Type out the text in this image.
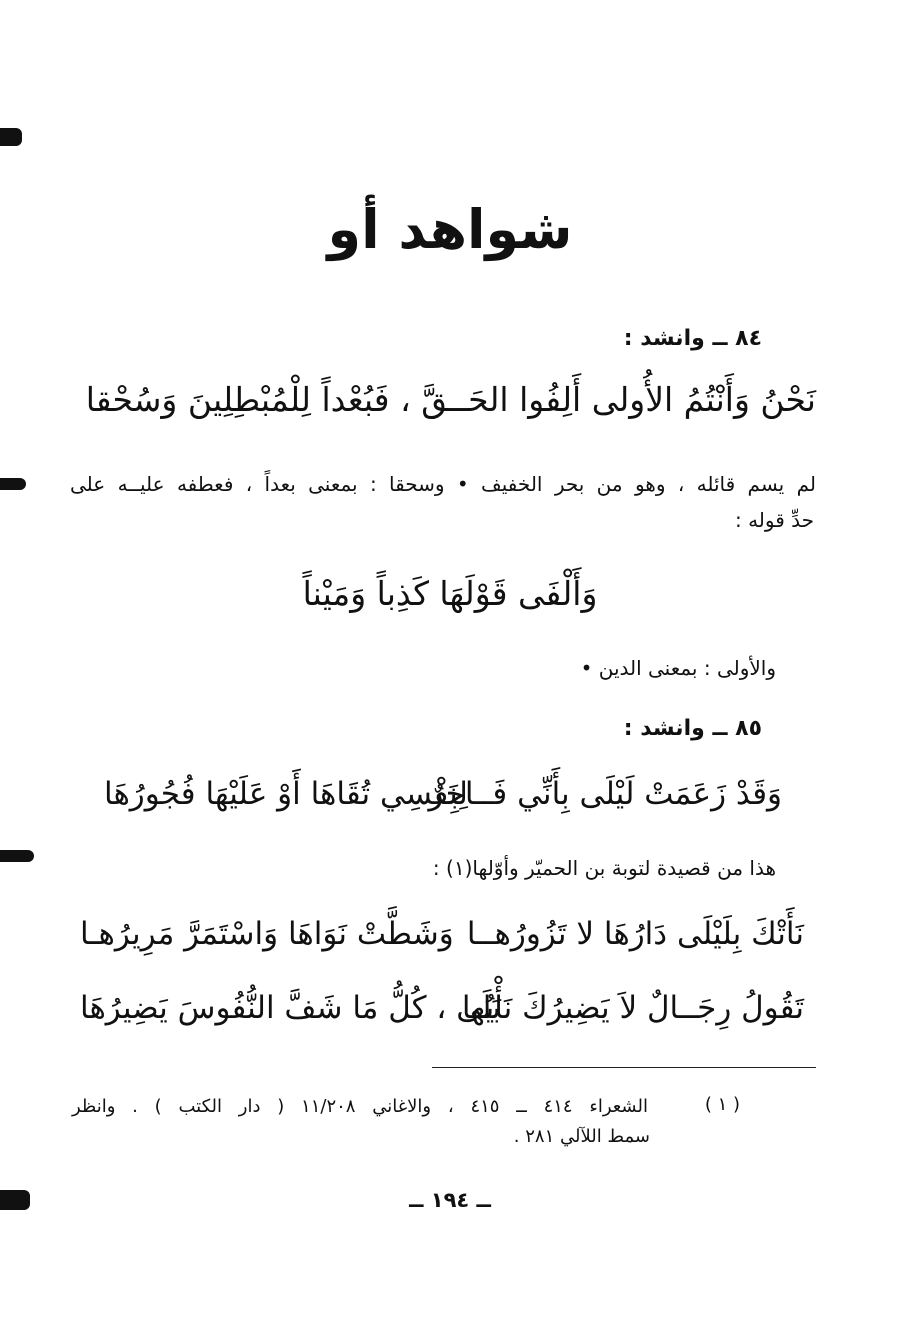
شواهد أو
٨٤ ــ وانشد :
نَحْنُ وَأَنْتُمُ الأُولى أَلِفُوا الحَــقَّ ، فَبُعْداً لِلْمُبْطِلِينَ وَسُحْقا
لم يسم قائله ، وهو من بحر الخفيف • وسحقا : بمعنى بعداً ، فعطفه عليــه على
حدِّ قوله :
وَأَلْفَى قَوْلَهَا كَذِباً وَمَيْناً
والأولى : بمعنى الدين •
٨٥ ــ وانشد :
وَقَدْ زَعَمَتْ لَيْلَى بِأَنِّي فَــاجِرٌ
لِنَفْسِي تُقَاهَا أَوْ عَلَيْهَا فُجُورُهَا
هذا من قصيدة لتوبة بن الحميّر وأوّلها(١) :
نَأَتْكَ بِلَيْلَى دَارُهَا لا تَزُورُهــا
وَشَطَّتْ نَوَاهَا وَاسْتَمَرَّ مَرِيرُهـا
تَقُولُ رِجَــالٌ لاَ يَضِيرُكَ نَأْيُها
بَلَى ، كُلُّ مَا شَفَّ النُّفُوسَ يَضِيرُهَا
( ١ )
الشعراء ٤١٤ ــ ٤١٥ ، والاغاني ١١/٢٠٨ ( دار الكتب ) . وانظر
سمط اللآلي ٢٨١ .
ــ ١٩٤ ــ
